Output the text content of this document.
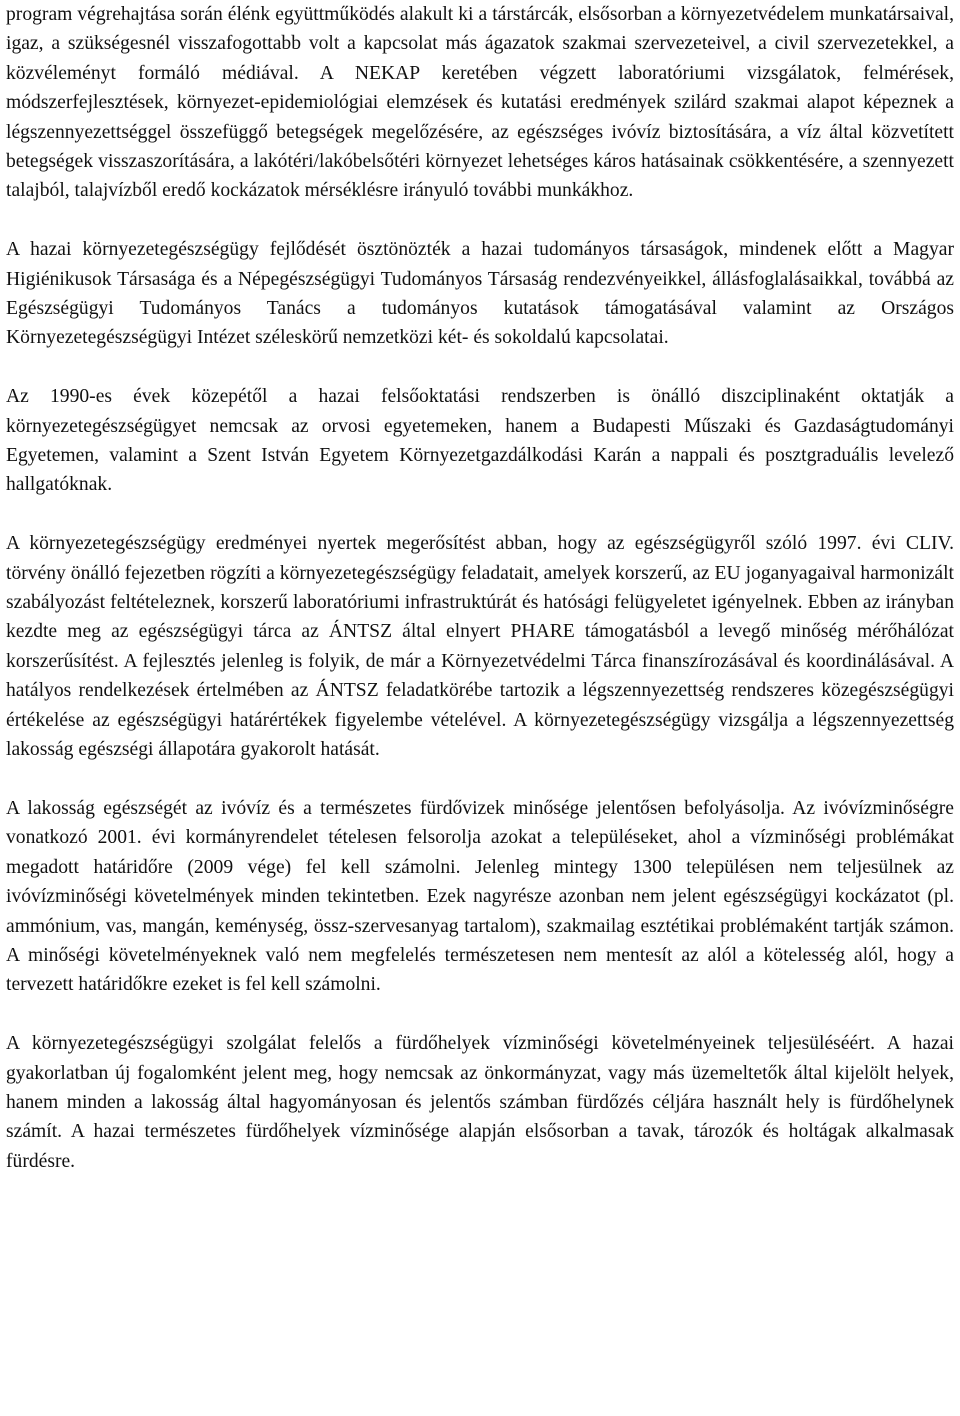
program végrehajtása során élénk együttműködés alakult ki a társtárcák, elsősorban a környezetvédelem munkatársaival, igaz, a szükségesnél visszafogottabb volt a kapcsolat más ágazatok szakmai szervezeteivel, a civil szervezetekkel, a közvéleményt formáló médiával. A NEKAP keretében végzett laboratóriumi vizsgálatok, felmérések, módszerfejlesztések, környezet-epidemiológiai elemzések és kutatási eredmények szilárd szakmai alapot képeznek a légszennyezettséggel összefüggő betegségek megelőzésére, az egészséges ivóvíz biztosítására, a víz által közvetített betegségek visszaszorítására, a lakótéri/lakóbelsőtéri környezet lehetséges káros hatásainak csökkentésére, a szennyezett talajból, talajvízből eredő kockázatok mérséklésre irányuló további munkákhoz.

A hazai környezetegészségügy fejlődését ösztönözték a hazai tudományos társaságok, mindenek előtt a Magyar Higiénikusok Társasága és a Népegészségügyi Tudományos Társaság rendezvényeikkel, állásfoglalásaikkal, továbbá az Egészségügyi Tudományos Tanács a tudományos kutatások támogatásával valamint az Országos Környezetegészségügyi Intézet széleskörű nemzetközi két- és sokoldalú kapcsolatai.

Az 1990-es évek közepétől a hazai felsőoktatási rendszerben is önálló diszciplinaként oktatják a környezetegészségügyet nemcsak az orvosi egyetemeken, hanem a Budapesti Műszaki és Gazdaságtudományi Egyetemen, valamint a Szent István Egyetem Környezetgazdálkodási Karán a nappali és posztgraduális levelező hallgatóknak.

A környezetegészségügy eredményei nyertek megerősítést abban, hogy az egészségügyről szóló 1997. évi CLIV. törvény önálló fejezetben rögzíti a környezetegészségügy feladatait, amelyek korszerű, az EU joganyagaival harmonizált szabályozást feltételeznek, korszerű laboratóriumi infrastruktúrát és hatósági felügyeletet igényelnek. Ebben az irányban kezdte meg az egészségügyi tárca az ÁNTSZ által elnyert PHARE támogatásból a levegő minőség mérőhálózat korszerűsítést. A fejlesztés jelenleg is folyik, de már a Környezetvédelmi Tárca finanszírozásával és koordinálásával. A hatályos rendelkezések értelmében az ÁNTSZ feladatkörébe tartozik a légszennyezettség rendszeres közegészségügyi értékelése az egészségügyi határértékek figyelembe vételével. A környezetegészségügy vizsgálja a légszennyezettség lakosság egészségi állapotára gyakorolt hatását.

A lakosság egészségét az ivóvíz és a természetes fürdővizek minősége jelentősen befolyásolja. Az ivóvízminőségre vonatkozó 2001. évi kormányrendelet tételesen felsorolja azokat a településeket, ahol a vízminőségi problémákat megadott határidőre (2009 vége) fel kell számolni. Jelenleg mintegy 1300 településen nem teljesülnek az ivóvízminőségi követelmények minden tekintetben. Ezek nagyrésze azonban nem jelent egészségügyi kockázatot (pl. ammónium, vas, mangán, keménység, össz-szervesanyag tartalom), szakmailag esztétikai problémaként tartják számon. A minőségi követelményeknek való nem megfelelés természetesen nem mentesít az alól a kötelesség alól, hogy a tervezett határidőkre ezeket is fel kell számolni.

A környezetegészségügyi szolgálat felelős a fürdőhelyek vízminőségi követelményeinek teljesüléséért. A hazai gyakorlatban új fogalomként jelent meg, hogy nemcsak az önkormányzat, vagy más üzemeltetők által kijelölt helyek, hanem minden a lakosság által hagyományosan és jelentős számban fürdőzés céljára használt hely is fürdőhelynek számít. A hazai természetes fürdőhelyek vízminősége alapján elsősorban a tavak, tározók és holtágak alkalmasak fürdésre.
